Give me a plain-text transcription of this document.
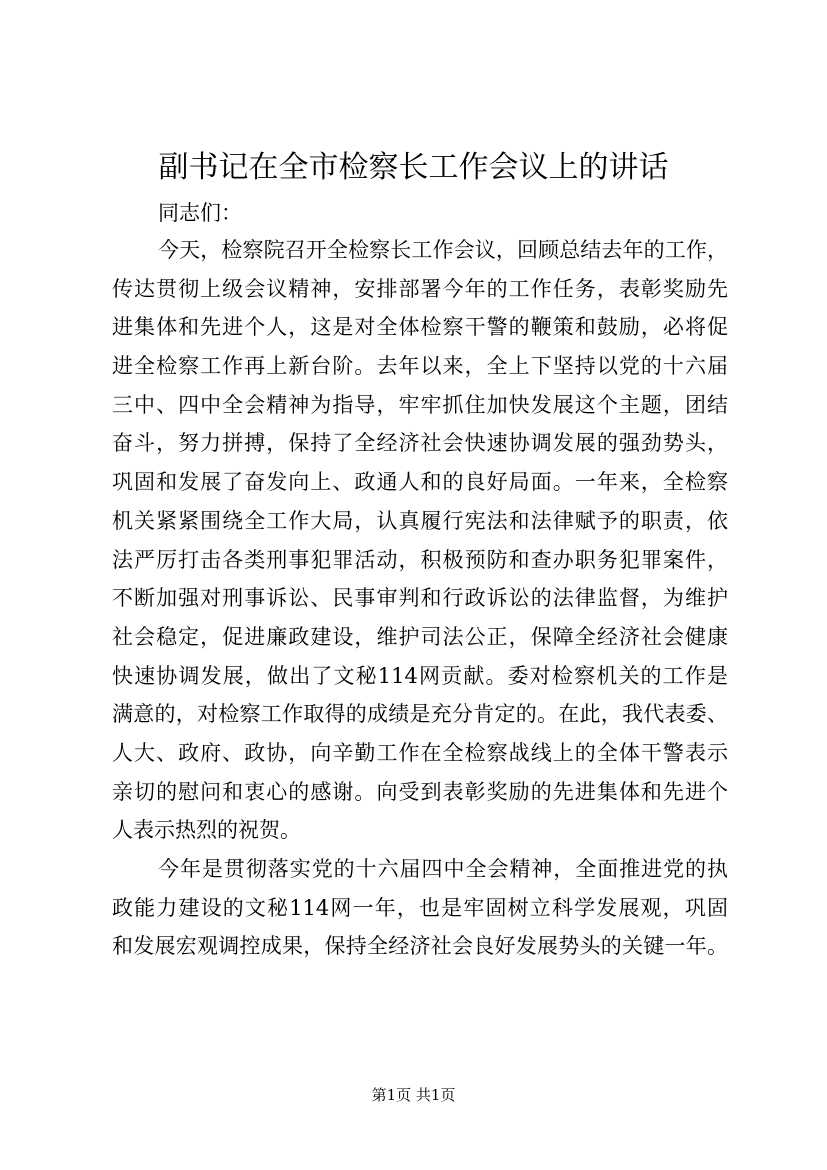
副书记在全市检察长工作会议上的讲话
同志们：
今天，检察院召开全检察长工作会议，回顾总结去年的工作，
传达贯彻上级会议精神，安排部署今年的工作任务，表彰奖励先
进集体和先进个人，这是对全体检察干警的鞭策和鼓励，必将促
进全检察工作再上新台阶。去年以来，全上下坚持以党的十六届
三中、四中全会精神为指导，牢牢抓住加快发展这个主题，团结
奋斗，努力拼搏，保持了全经济社会快速协调发展的强劲势头，
巩固和发展了奋发向上、政通人和的良好局面。一年来，全检察
机关紧紧围绕全工作大局，认真履行宪法和法律赋予的职责，依
法严厉打击各类刑事犯罪活动，积极预防和查办职务犯罪案件，
不断加强对刑事诉讼、民事审判和行政诉讼的法律监督，为维护
社会稳定，促进廉政建设，维护司法公正，保障全经济社会健康
快速协调发展，做出了文秘114网贡献。委对检察机关的工作是
满意的，对检察工作取得的成绩是充分肯定的。在此，我代表委、
人大、政府、政协，向辛勤工作在全检察战线上的全体干警表示
亲切的慰问和衷心的感谢。向受到表彰奖励的先进集体和先进个
人表示热烈的祝贺。
今年是贯彻落实党的十六届四中全会精神，全面推进党的执
政能力建设的文秘114网一年，也是牢固树立科学发展观，巩固
和发展宏观调控成果，保持全经济社会良好发展势头的关键一年。
第1页 共1页
